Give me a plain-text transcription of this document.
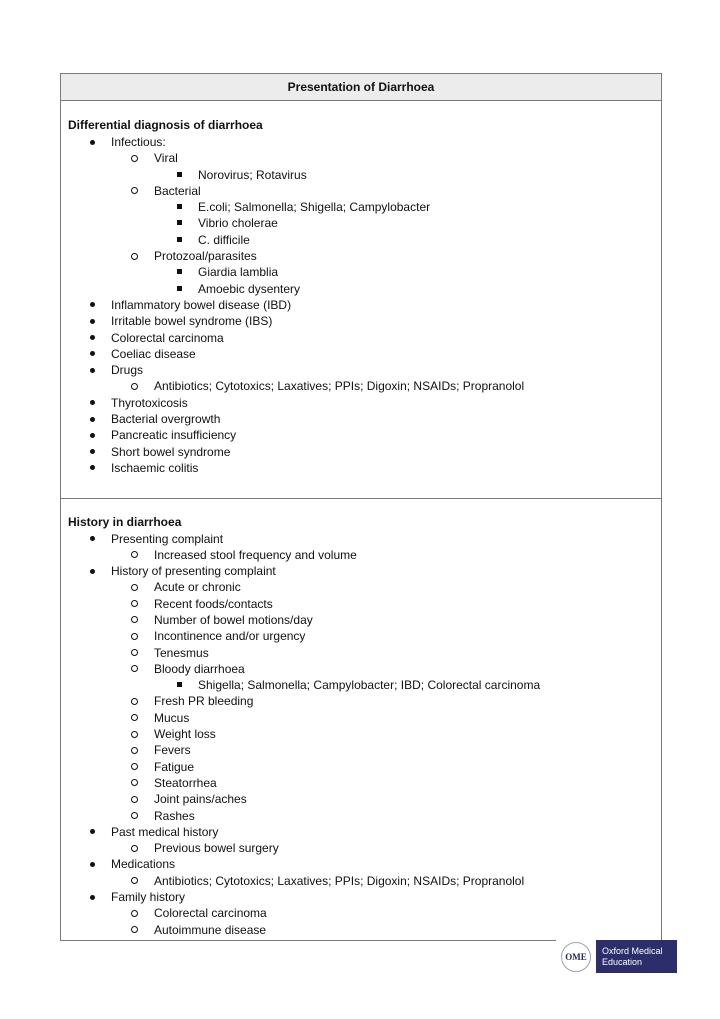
Presentation of Diarrhoea
Differential diagnosis of diarrhoea
Infectious:
Viral
Norovirus; Rotavirus
Bacterial
E.coli; Salmonella; Shigella; Campylobacter
Vibrio cholerae
C. difficile
Protozoal/parasites
Giardia lamblia
Amoebic dysentery
Inflammatory bowel disease (IBD)
Irritable bowel syndrome (IBS)
Colorectal carcinoma
Coeliac disease
Drugs
Antibiotics; Cytotoxics; Laxatives; PPIs; Digoxin; NSAIDs; Propranolol
Thyrotoxicosis
Bacterial overgrowth
Pancreatic insufficiency
Short bowel syndrome
Ischaemic colitis
History in diarrhoea
Presenting complaint
Increased stool frequency and volume
History of presenting complaint
Acute or chronic
Recent foods/contacts
Number of bowel motions/day
Incontinence and/or urgency
Tenesmus
Bloody diarrhoea
Shigella; Salmonella; Campylobacter; IBD; Colorectal carcinoma
Fresh PR bleeding
Mucus
Weight loss
Fevers
Fatigue
Steatorrhea
Joint pains/aches
Rashes
Past medical history
Previous bowel surgery
Medications
Antibiotics; Cytotoxics; Laxatives; PPIs; Digoxin; NSAIDs; Propranolol
Family history
Colorectal carcinoma
Autoimmune disease
OME
Oxford Medical
Education
